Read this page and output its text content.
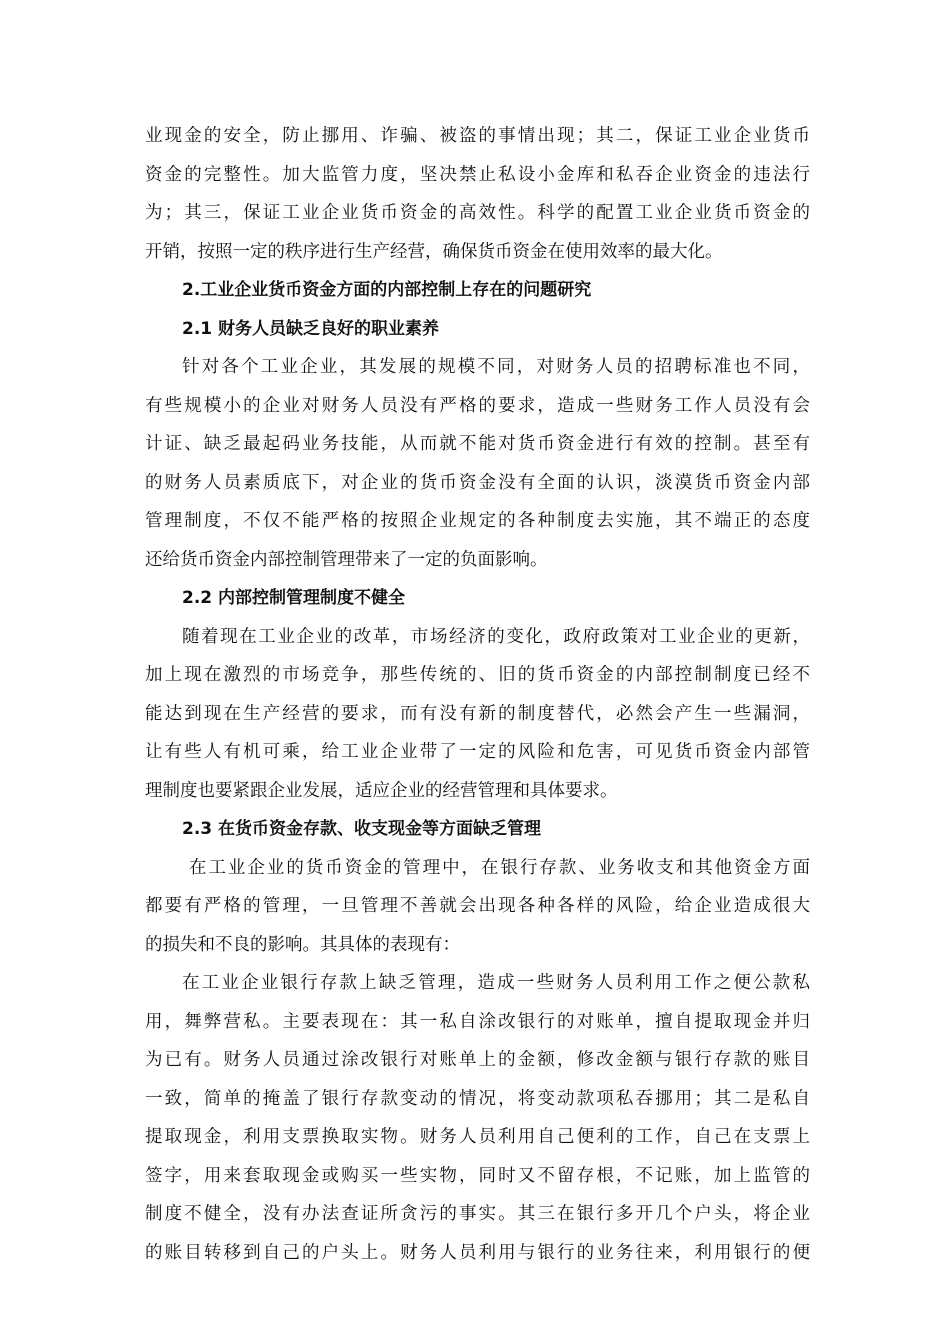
业现金的安全，防止挪用、诈骗、被盗的事情出现；其二，保证工业企业货币
资金的完整性。加大监管力度，坚决禁止私设小金库和私吞企业资金的违法行
为；其三，保证工业企业货币资金的高效性。科学的配置工业企业货币资金的
开销，按照一定的秩序进行生产经营，确保货币资金在使用效率的最大化。
2.工业企业货币资金方面的内部控制上存在的问题研究
2.1 财务人员缺乏良好的职业素养
针对各个工业企业，其发展的规模不同，对财务人员的招聘标准也不同，
有些规模小的企业对财务人员没有严格的要求，造成一些财务工作人员没有会
计证、缺乏最起码业务技能，从而就不能对货币资金进行有效的控制。甚至有
的财务人员素质底下，对企业的货币资金没有全面的认识，淡漠货币资金内部
管理制度，不仅不能严格的按照企业规定的各种制度去实施，其不端正的态度
还给货币资金内部控制管理带来了一定的负面影响。
2.2 内部控制管理制度不健全
随着现在工业企业的改革，市场经济的变化，政府政策对工业企业的更新，
加上现在激烈的市场竞争，那些传统的、旧的货币资金的内部控制制度已经不
能达到现在生产经营的要求，而有没有新的制度替代，必然会产生一些漏洞，
让有些人有机可乘，给工业企业带了一定的风险和危害，可见货币资金内部管
理制度也要紧跟企业发展，适应企业的经营管理和具体要求。
2.3 在货币资金存款、收支现金等方面缺乏管理
在工业企业的货币资金的管理中，在银行存款、业务收支和其他资金方面
都要有严格的管理，一旦管理不善就会出现各种各样的风险，给企业造成很大
的损失和不良的影响。其具体的表现有：
在工业企业银行存款上缺乏管理，造成一些财务人员利用工作之便公款私
用，舞弊营私。主要表现在：其一私自涂改银行的对账单，擅自提取现金并归
为已有。财务人员通过涂改银行对账单上的金额，修改金额与银行存款的账目
一致，简单的掩盖了银行存款变动的情况，将变动款项私吞挪用；其二是私自
提取现金，利用支票换取实物。财务人员利用自己便利的工作，自己在支票上
签字，用来套取现金或购买一些实物，同时又不留存根，不记账，加上监管的
制度不健全，没有办法查证所贪污的事实。其三在银行多开几个户头，将企业
的账目转移到自己的户头上。财务人员利用与银行的业务往来，利用银行的便
